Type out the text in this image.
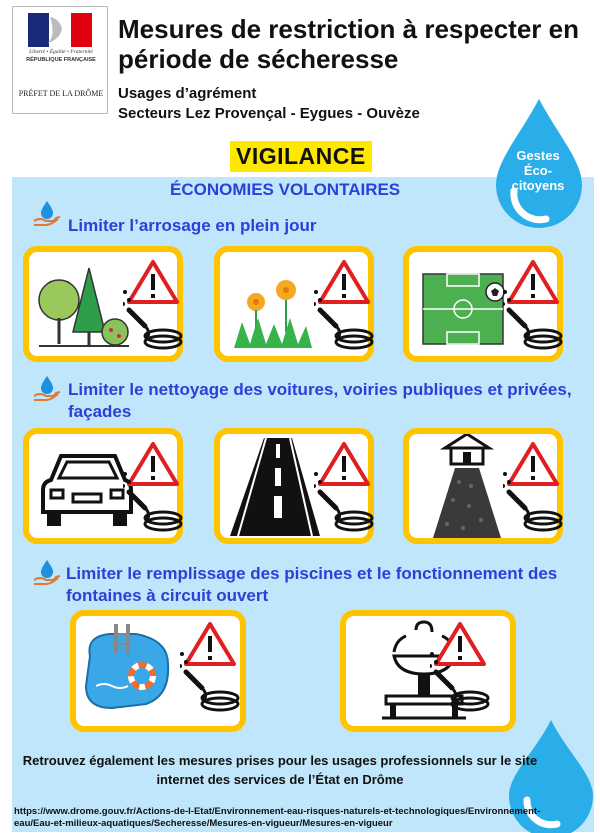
Liberté • Égalité • Fraternité
RÉPUBLIQUE FRANÇAISE
PRÉFET DE LA DRÔME
Mesures de restriction à respecter en période de sécheresse
Usages d’agrément
Secteurs Lez Provençal - Eygues - Ouvèze
VIGILANCE	Gestes
Éco-
citoyens
ÉCONOMIES VOLONTAIRES
Limiter l’arrosage en plein jour
Limiter le nettoyage des voitures, voiries publiques et privées, façades
Limiter le remplissage des piscines et le fonctionnement des fontaines à circuit ouvert
Retrouvez également les mesures prises pour les usages professionnels sur le site internet des services de l’État en Drôme
https://www.drome.gouv.fr/Actions-de-l-Etat/Environnement-eau-risques-naturels-et-technologiques/Environnement-eau/Eau-et-milieux-aquatiques/Secheresse/Mesures-en-vigueur/Mesures-en-vigueur
